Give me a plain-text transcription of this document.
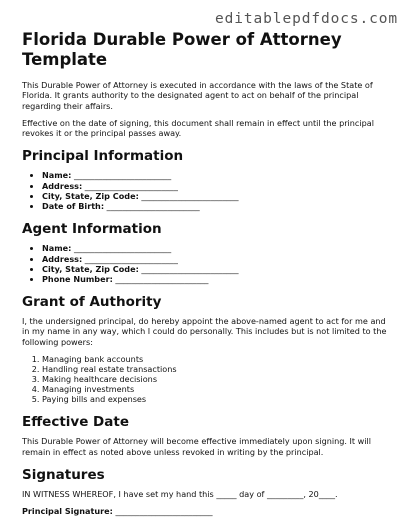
editablepdfdocs.com
Florida Durable Power of Attorney
Template

This Durable Power of Attorney is executed in accordance with the laws of the State of Florida. It grants authority to the designated agent to act on behalf of the principal regarding their affairs.

Effective on the date of signing, this document shall remain in effect until the principal revokes it or the principal passes away.

Principal Information
• Name: ________________________
• Address: _______________________
• City, State, Zip Code: ________________________
• Date of Birth: _______________________
Agent Information
• Name: ________________________
• Address: _______________________
• City, State, Zip Code: ________________________
• Phone Number: _______________________
Grant of Authority

I, the undersigned principal, do hereby appoint the above-named agent to act for me and in my name in any way, which I could do personally. This includes but is not limited to the following powers:

1. Managing bank accounts
2. Handling real estate transactions
3. Making healthcare decisions
4. Managing investments
5. Paying bills and expenses
Effective Date

This Durable Power of Attorney will become effective immediately upon signing. It will remain in effect as noted above unless revoked in writing by the principal.

Signatures

IN WITNESS WHEREOF, I have set my hand this _____ day of _________, 20____.

Principal Signature: ________________________
